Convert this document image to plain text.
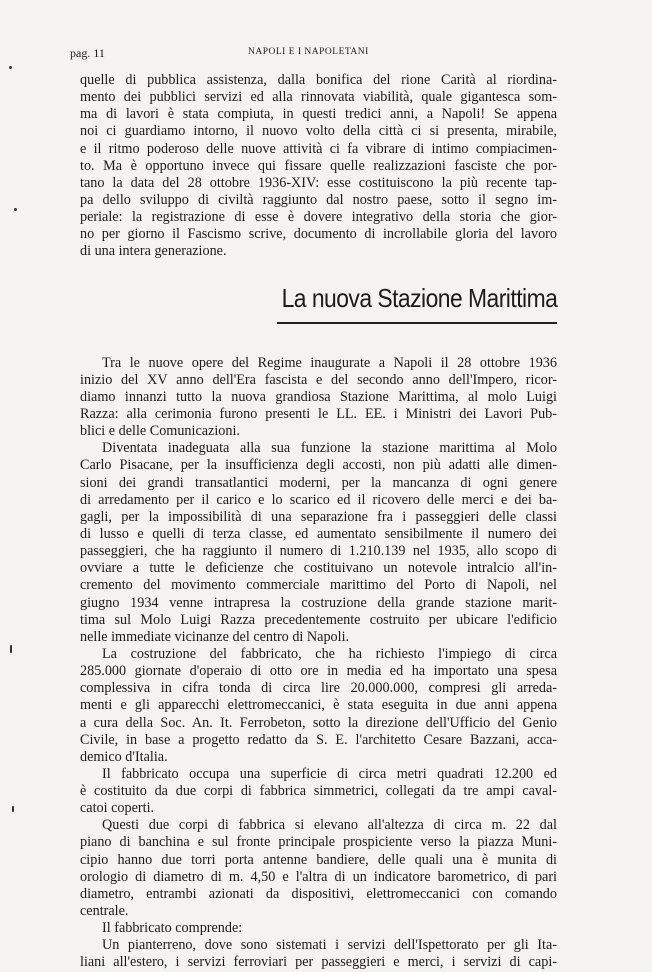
pag. 11	NAPOLI E I NAPOLETANI
quelle di pubblica assistenza, dalla bonifica del rione Carità al riordina-
mento dei pubblici servizi ed alla rinnovata viabilità, quale gigantesca som-
ma di lavori è stata compiuta, in questi tredici anni, a Napoli! Se appena
noi ci guardiamo intorno, il nuovo volto della città ci si presenta, mirabile,
e il ritmo poderoso delle nuove attività ci fa vibrare di intimo compiacimen-
to. Ma è opportuno invece qui fissare quelle realizzazioni fasciste che por-
tano la data del 28 ottobre 1936-XIV: esse costituiscono la più recente tap-
pa dello sviluppo di civiltà raggiunto dal nostro paese, sotto il segno im-
periale: la registrazione di esse è dovere integrativo della storia che gior-
no per giorno il Fascismo scrive, documento di incrollabile gloria del lavoro
di una intera generazione.
La nuova Stazione Marittima
Tra le nuove opere del Regime inaugurate a Napoli il 28 ottobre 1936
inizio del XV anno dell'Era fascista e del secondo anno dell'Impero, ricor-
diamo innanzi tutto la nuova grandiosa Stazione Marittima, al molo Luigi
Razza: alla cerimonia furono presenti le LL. EE. i Ministri dei Lavori Pub-
blici e delle Comunicazioni.
Diventata inadeguata alla sua funzione la stazione marittima al Molo
Carlo Pisacane, per la insufficienza degli accosti, non più adatti alle dimen-
sioni dei grandi transatlantici moderni, per la mancanza di ogni genere
di arredamento per il carico e lo scarico ed il ricovero delle merci e dei ba-
gagli, per la impossibilità di una separazione fra i passeggieri delle classi
di lusso e quelli di terza classe, ed aumentato sensibilmente il numero dei
passeggieri, che ha raggiunto il numero di 1.210.139 nel 1935, allo scopo di
ovviare a tutte le deficienze che costituivano un notevole intralcio all'in-
cremento del movimento commerciale marittimo del Porto di Napoli, nel
giugno 1934 venne intrapresa la costruzione della grande stazione marit-
tima sul Molo Luigi Razza precedentemente costruito per ubicare l'edificio
nelle immediate vicinanze del centro di Napoli.
La costruzione del fabbricato, che ha richiesto l'impiego di circa
285.000 giornate d'operaio di otto ore in media ed ha importato una spesa
complessiva in cifra tonda di circa lire 20.000.000, compresi gli arreda-
menti e gli apparecchi elettromeccanici, è stata eseguita in due anni appena
a cura della Soc. An. It. Ferrobeton, sotto la direzione dell'Ufficio del Genio
Civile, in base a progetto redatto da S. E. l'architetto Cesare Bazzani, acca-
demico d'Italia.
Il fabbricato occupa una superficie di circa metri quadrati 12.200 ed
è costituito da due corpi di fabbrica simmetrici, collegati da tre ampi caval-
catoi coperti.
Questi due corpi di fabbrica si elevano all'altezza di circa m. 22 dal
piano di banchina e sul fronte principale prospiciente verso la piazza Muni-
cipio hanno due torri porta antenne bandiere, delle quali una è munita di
orologio di diametro di m. 4,50 e l'altra di un indicatore barometrico, di pari
diametro, entrambi azionati da dispositivi, elettromeccanici con comando
centrale.
Il fabbricato comprende:
Un pianterreno, dove sono sistemati i servizi dell'Ispettorato per gli Ita-
liani all'estero, i servizi ferroviari per passeggieri e merci, i servizi di capi-
